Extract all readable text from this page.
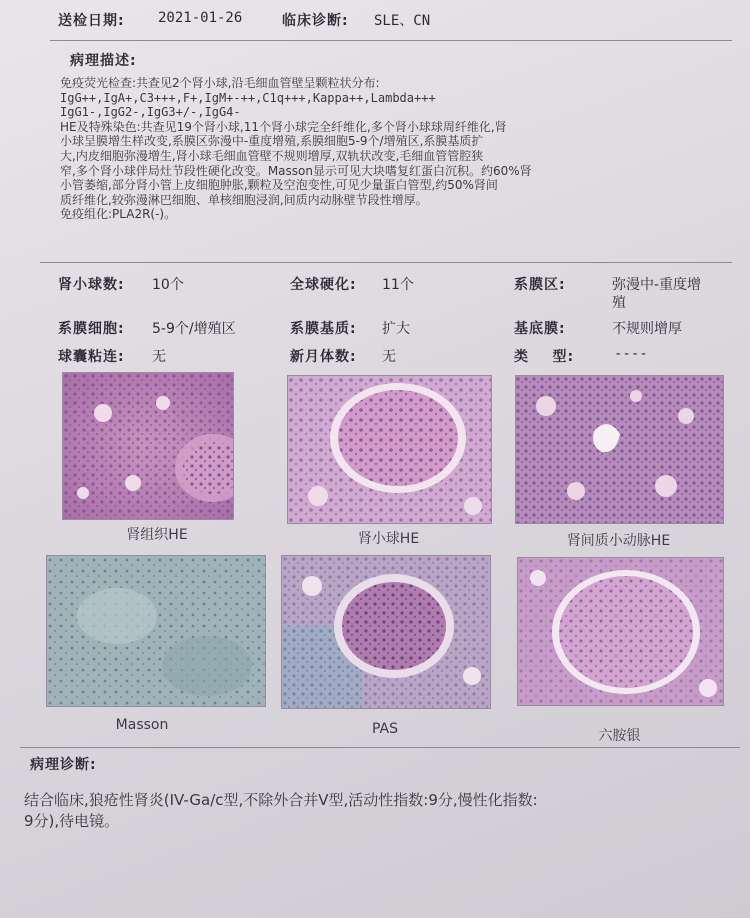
送检日期: 2021-01-26	临床诊断: SLE、CN
病理描述:
免疫荧光检查:共查见2个肾小球,沿毛细血管壁呈颗粒状分布:
IgG++,IgA+,C3+++,F+,IgM+-++,C1q+++,Kappa++,Lambda+++
IgG1-,IgG2-,IgG3+/-,IgG4-
HE及特殊染色:共查见19个肾小球,11个肾小球完全纤维化,多个肾小球球周纤维化,肾
小球呈膜增生样改变,系膜区弥漫中-重度增殖,系膜细胞5-9个/增殖区,系膜基质扩
大,内皮细胞弥漫增生,肾小球毛细血管壁不规则增厚,双轨状改变,毛细血管管腔狭
窄,多个肾小球伴局灶节段性硬化改变。Masson显示可见大块嗜复红蛋白沉积。约60%肾
小管萎缩,部分肾小管上皮细胞肿胀,颗粒及空泡变性,可见少量蛋白管型,约50%肾间
质纤维化,较弥漫淋巴细胞、单核细胞浸润,间质内动脉壁节段性增厚。
免疫组化:PLA2R(-)。
肾小球数: 10个	全球硬化: 11个	系膜区:	弥漫中-重度增
殖
系膜细胞: 5-9个/增殖区	系膜基质: 扩大	基底膜:	不规则增厚
球囊粘连: 无	新月体数: 无	类    型:	----
肾组织HE	肾小球HE	肾间质小动脉HE
Masson	PAS	六胺银
病理诊断:
结合临床,狼疮性肾炎(IV-Ga/c型,不除外合并V型,活动性指数:9分,慢性化指数:
9分),待电镜。
